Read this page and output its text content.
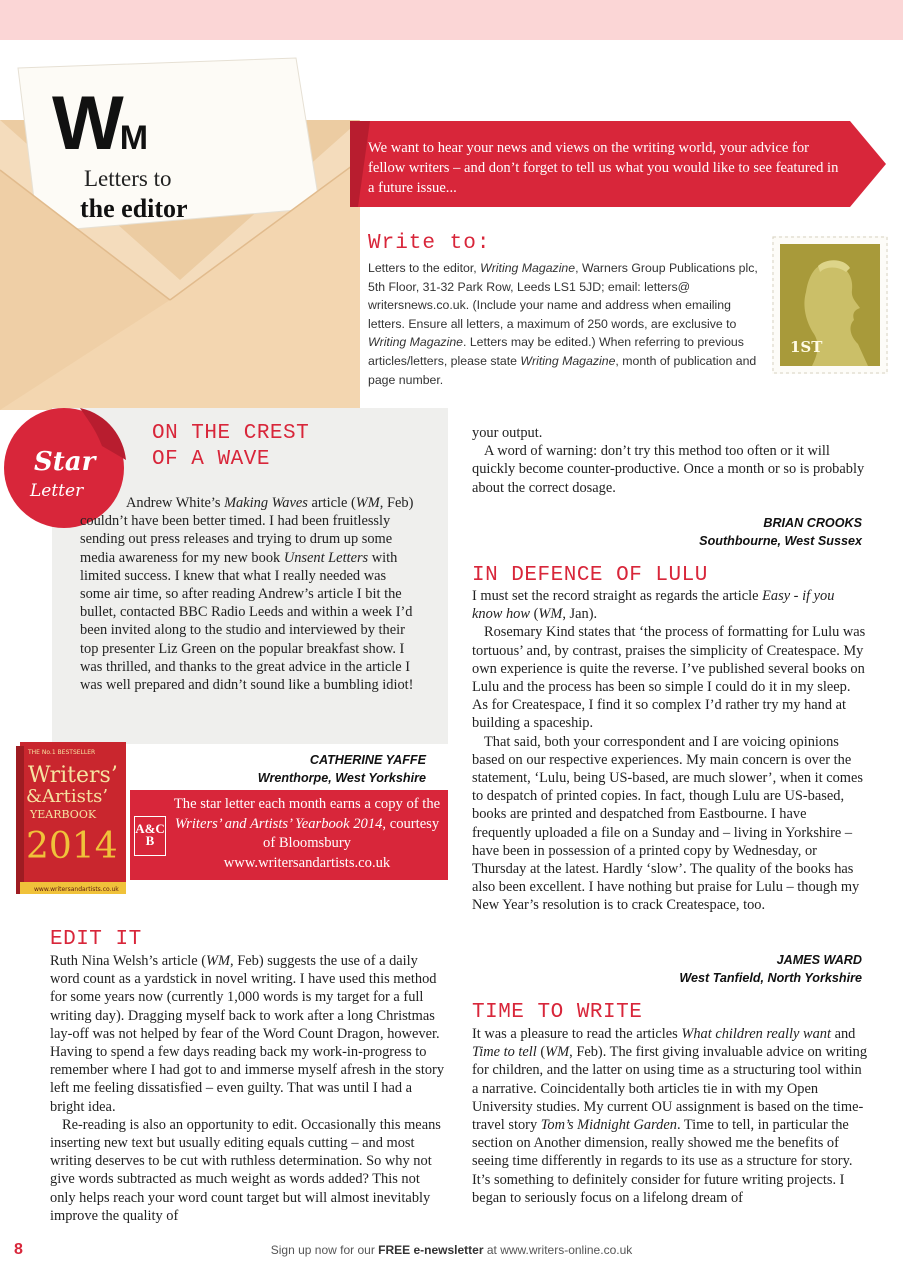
WM
Letters to
the editor
We want to hear your news and views on the writing world, your advice for fellow writers – and don’t forget to tell us what you would like to see featured in a future issue...
Write to:
Letters to the editor, Writing Magazine, Warners Group Publications plc, 5th Floor, 31-32 Park Row, Leeds LS1 5JD; email: letters@ writersnews.co.uk. (Include your name and address when emailing letters. Ensure all letters, a maximum of 250 words, are exclusive to Writing Magazine. Letters may be edited.) When referring to previous articles/letters, please state Writing Magazine, month of publication and page number.
1ST
Star
Letter
ON THE CREST
OF A WAVE

Andrew White’s Making Waves article (WM, Feb) couldn’t have been better timed. I had been fruitlessly sending out press releases and trying to drum up some media awareness for my new book Unsent Letters with limited success. I knew that what I really needed was some air time, so after reading Andrew’s article I bit the bullet, contacted BBC Radio Leeds and within a week I’d been invited along to the studio and interviewed by their top presenter Liz Green on the popular breakfast show. I was thrilled, and thanks to the great advice in the article I was well prepared and didn’t sound like a bumbling idiot!

CATHERINE YAFFE
Wrenthorpe, West Yorkshire
A&C B
The star letter each month earns a copy of the Writers’ and Artists’ Yearbook 2014, courtesy of Bloomsbury
www.writersandartists.co.uk
THE No.1 BESTSELLER
Writers’
&Artists’
YEARBOOK
2014
www.writersandartists.co.uk
EDIT IT

Ruth Nina Welsh’s article (WM, Feb) suggests the use of a daily word count as a yardstick in novel writing. I have used this method for some years now (currently 1,000 words is my target for a full writing day). Dragging myself back to work after a long Christmas lay-off was not helped by fear of the Word Count Dragon, however. Having to spend a few days reading back my work-in-progress to remember where I had got to and immerse myself afresh in the story left me feeling dissatisfied – even guilty. That was until I had a bright idea.

Re-reading is also an opportunity to edit. Occasionally this means inserting new text but usually editing equals cutting – and most writing deserves to be cut with ruthless determination. So why not give words subtracted as much weight as words added? This not only helps reach your word count target but will almost inevitably improve the quality of

your output.

A word of warning: don’t try this method too often or it will quickly become counter-productive. Once a month or so is probably about the correct dosage.

BRIAN CROOKS
Southbourne, West Sussex
IN DEFENCE OF LULU

I must set the record straight as regards the article Easy - if you know how (WM, Jan).

Rosemary Kind states that ‘the process of formatting for Lulu was tortuous’ and, by contrast, praises the simplicity of Createspace. My own experience is quite the reverse. I’ve published several books on Lulu and the process has been so simple I could do it in my sleep. As for Createspace, I find it so complex I’d rather try my hand at building a spaceship.

That said, both your correspondent and I are voicing opinions based on our respective experiences. My main concern is over the statement, ‘Lulu, being US-based, are much slower’, when it comes to despatch of printed copies. In fact, though Lulu are US-based, books are printed and despatched from Eastbourne. I have frequently uploaded a file on a Sunday and – living in Yorkshire – have been in possession of a printed copy by Wednesday, or Thursday at the latest. Hardly ‘slow’. The quality of the books has also been excellent. I have nothing but praise for Lulu – though my New Year’s resolution is to crack Createspace, too.

JAMES WARD
West Tanfield, North Yorkshire
TIME TO WRITE

It was a pleasure to read the articles What children really want and Time to tell (WM, Feb). The first giving invaluable advice on writing for children, and the latter on using time as a structuring tool within a narrative. Coincidentally both articles tie in with my Open University studies. My current OU assignment is based on the time-travel story Tom’s Midnight Garden. Time to tell, in particular the section on Another dimension, really showed me the benefits of seeing time differently in regards to its use as a structure for story. It’s something to definitely consider for future writing projects. I began to seriously focus on a lifelong dream of

8	Sign up now for our FREE e-newsletter at www.writers-online.co.uk
